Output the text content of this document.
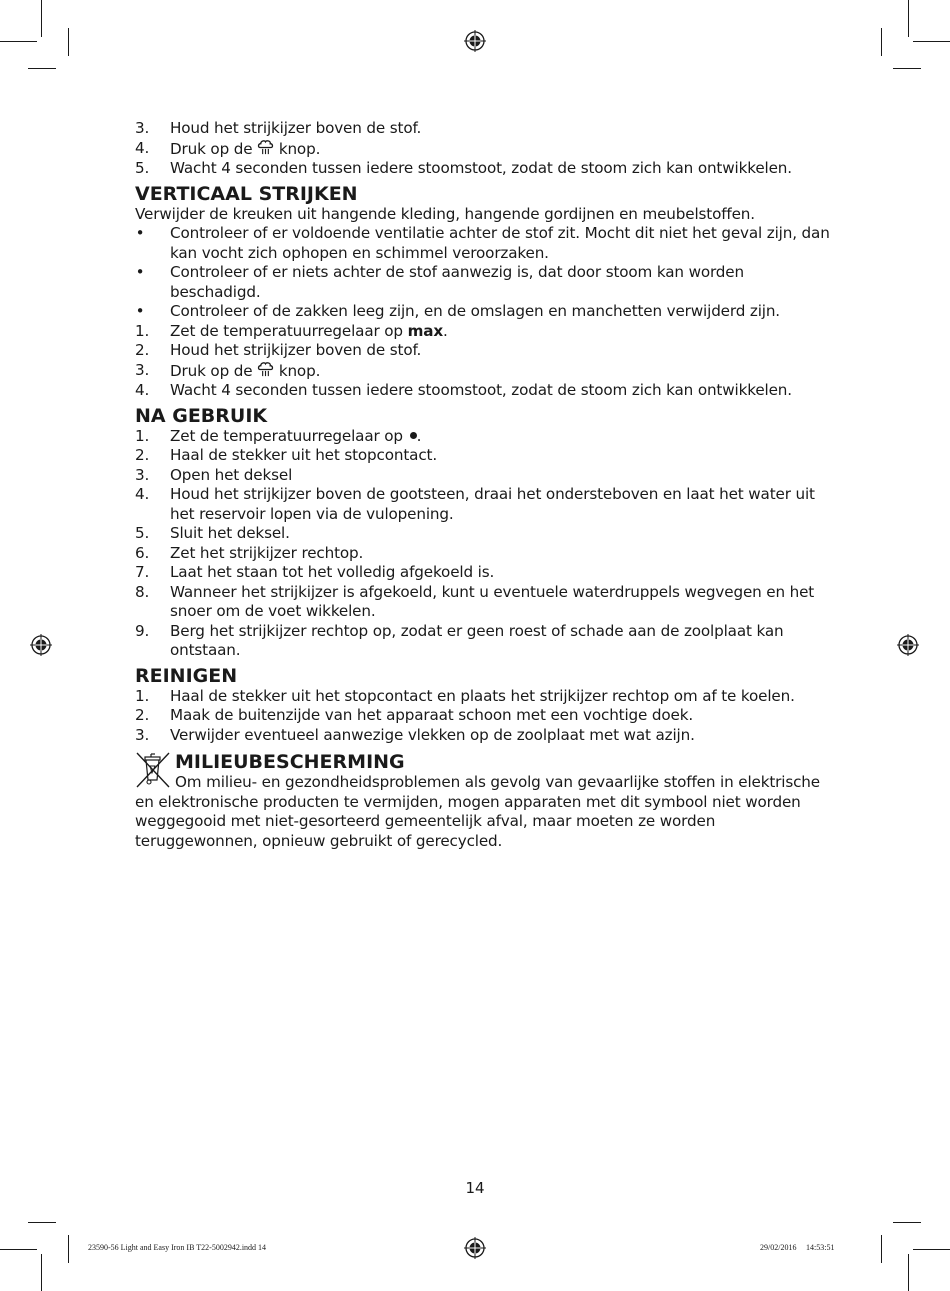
3. Houd het strijkijzer boven de stof.
4. Druk op de knop.
5. Wacht 4 seconden tussen iedere stoomstoot, zodat de stoom zich kan ontwikkelen.
VERTICAAL STRIJKEN

Verwijder de kreuken uit hangende kleding, hangende gordijnen en meubelstoffen.

• Controleer of er voldoende ventilatie achter de stof zit. Mocht dit niet het geval zijn, dan kan vocht zich ophopen en schimmel veroorzaken.
• Controleer of er niets achter de stof aanwezig is, dat door stoom kan worden beschadigd.
• Controleer of de zakken leeg zijn, en de omslagen en manchetten verwijderd zijn.
1. Zet de temperatuurregelaar op max.
2. Houd het strijkijzer boven de stof.
3. Druk op de knop.
4. Wacht 4 seconden tussen iedere stoomstoot, zodat de stoom zich kan ontwikkelen.
NA GEBRUIK
1. Zet de temperatuurregelaar op .
2. Haal de stekker uit het stopcontact.
3. Open het deksel
4. Houd het strijkijzer boven de gootsteen, draai het ondersteboven en laat het water uit het reservoir lopen via de vulopening.
5. Sluit het deksel.
6. Zet het strijkijzer rechtop.
7. Laat het staan tot het volledig afgekoeld is.
8. Wanneer het strijkijzer is afgekoeld, kunt u eventuele waterdruppels wegvegen en het snoer om de voet wikkelen.
9. Berg het strijkijzer rechtop op, zodat er geen roest of schade aan de zoolplaat kan ontstaan.
REINIGEN
1. Haal de stekker uit het stopcontact en plaats het strijkijzer rechtop om af te koelen.
2. Maak de buitenzijde van het apparaat schoon met een vochtige doek.
3. Verwijder eventueel aanwezige vlekken op de zoolplaat met wat azijn.
MILIEUBESCHERMING

Om milieu- en gezondheidsproblemen als gevolg van gevaarlijke stoffen in elektrische en elektronische producten te vermijden, mogen apparaten met dit symbool niet worden weggegooid met niet-gesorteerd gemeentelijk afval, maar moeten ze worden teruggewonnen, opnieuw gebruikt of gerecycled.

14
23590-56 Light and Easy Iron IB T22-5002942.indd 14	29/02/2016 14:53:51
